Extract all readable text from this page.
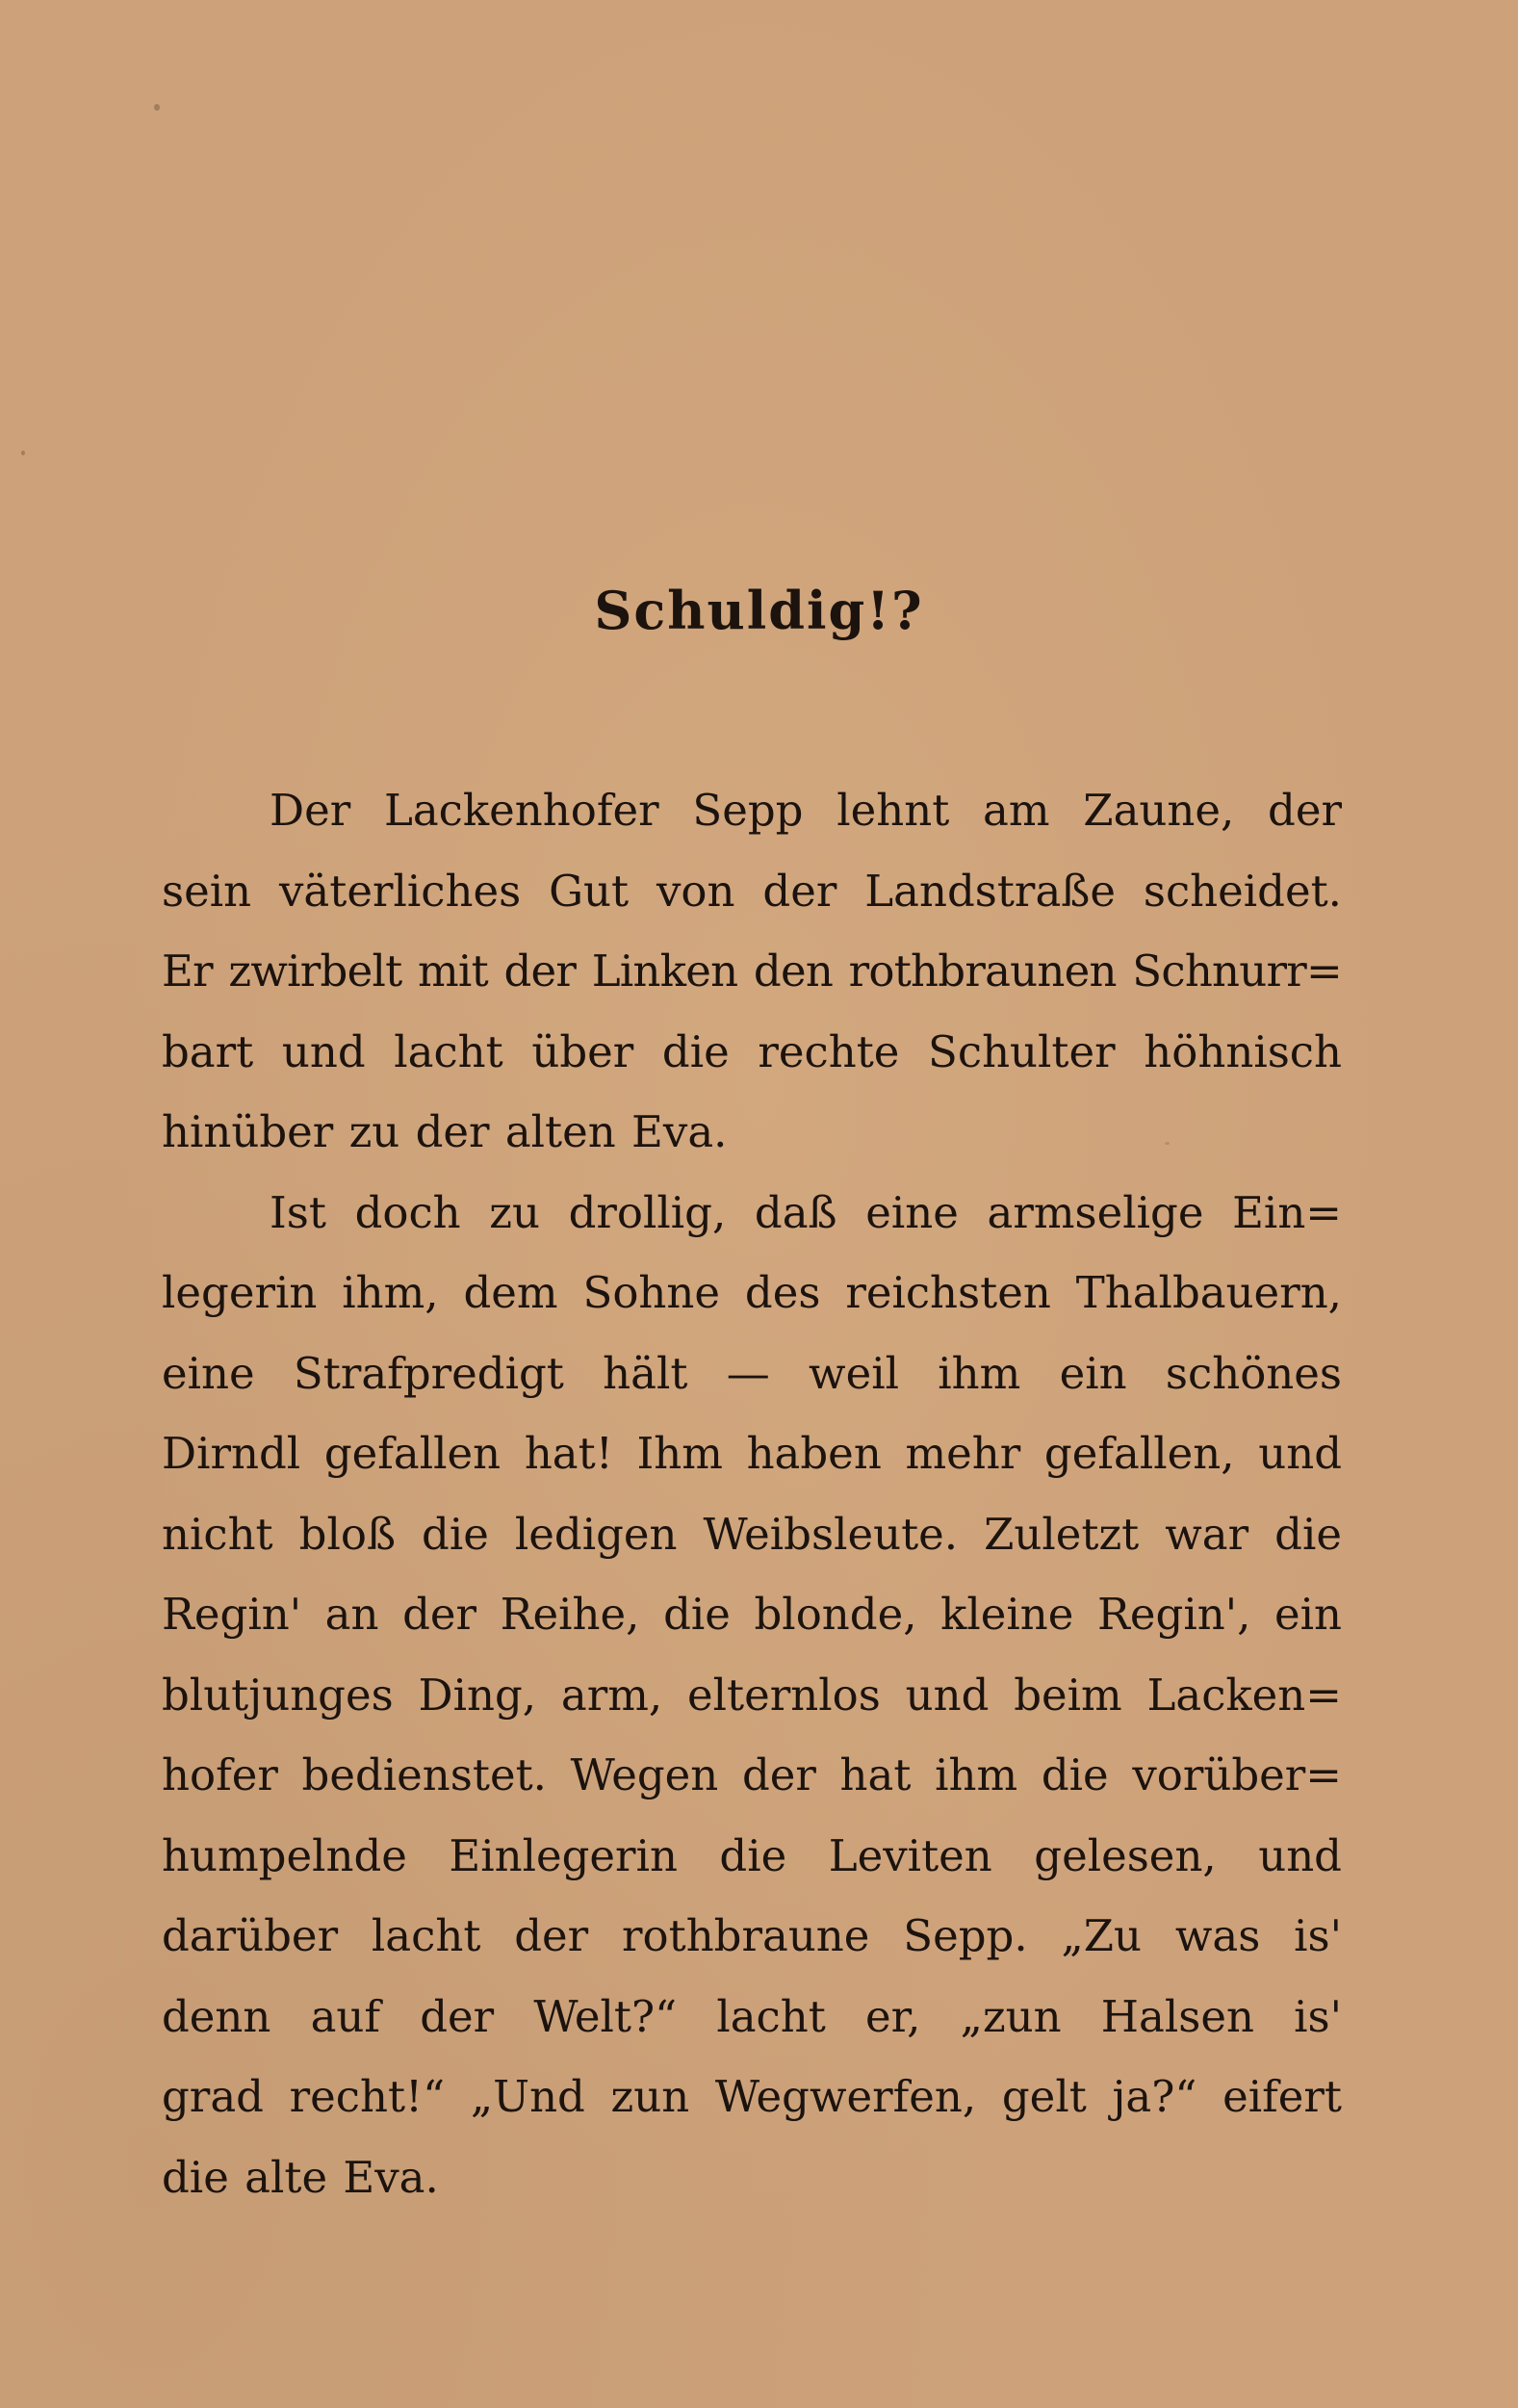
Schuldig!?
Der Lackenhofer Sepp lehnt am Zaune, der
sein väterliches Gut von der Landstraße scheidet.
Er zwirbelt mit der Linken den rothbraunen Schnurr=
bart und lacht über die rechte Schulter höhnisch
hinüber zu der alten Eva.
Ist doch zu drollig, daß eine armselige Ein=
legerin ihm, dem Sohne des reichsten Thalbauern,
eine Strafpredigt hält — weil ihm ein schönes
Dirndl gefallen hat! Ihm haben mehr gefallen, und
nicht bloß die ledigen Weibsleute. Zuletzt war die
Regin' an der Reihe, die blonde, kleine Regin', ein
blutjunges Ding, arm, elternlos und beim Lacken=
hofer bedienstet. Wegen der hat ihm die vorüber=
humpelnde Einlegerin die Leviten gelesen, und
darüber lacht der rothbraune Sepp. „Zu was is'
denn auf der Welt?“ lacht er, „zun Halsen is'
grad recht!“ „Und zun Wegwerfen, gelt ja?“ eifert
die alte Eva.
